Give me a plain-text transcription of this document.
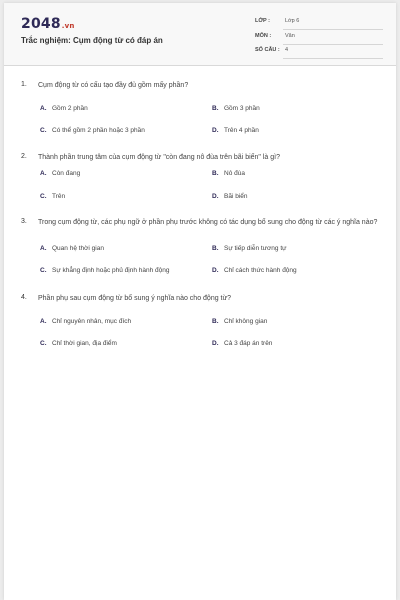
2048.vn
Trắc nghiệm: Cụm động từ có đáp án
LỚP :	Lớp 6
MÔN :	Văn
SỐ CÂU : 4
1. Cụm động từ có cấu tạo đầy đủ gồm mấy phần?
A. Gồm 2 phần	B. Gồm 3 phần
C. Có thể gồm 2 phần hoặc 3 phần	D. Trên 4 phần
2. Thành phần trung tâm của cụm động từ "còn đang nô đùa trên bãi biển" là gì?
A. Còn đang	B. Nô đùa
C. Trên	D. Bãi biển
3. Trong cụm động từ, các phụ ngữ ở phần phụ trước không có tác dụng bổ sung cho động từ các ý nghĩa nào?
A. Quan hệ thời gian	B. Sự tiếp diễn tương tự
C. Sự khẳng định hoặc phủ định hành động	D. Chỉ cách thức hành động
4. Phần phụ sau cụm động từ bổ sung ý nghĩa nào cho động từ?
A. Chỉ nguyên nhân, mục đích	B. Chỉ không gian
C. Chỉ thời gian, địa điểm	D. Cả 3 đáp án trên
